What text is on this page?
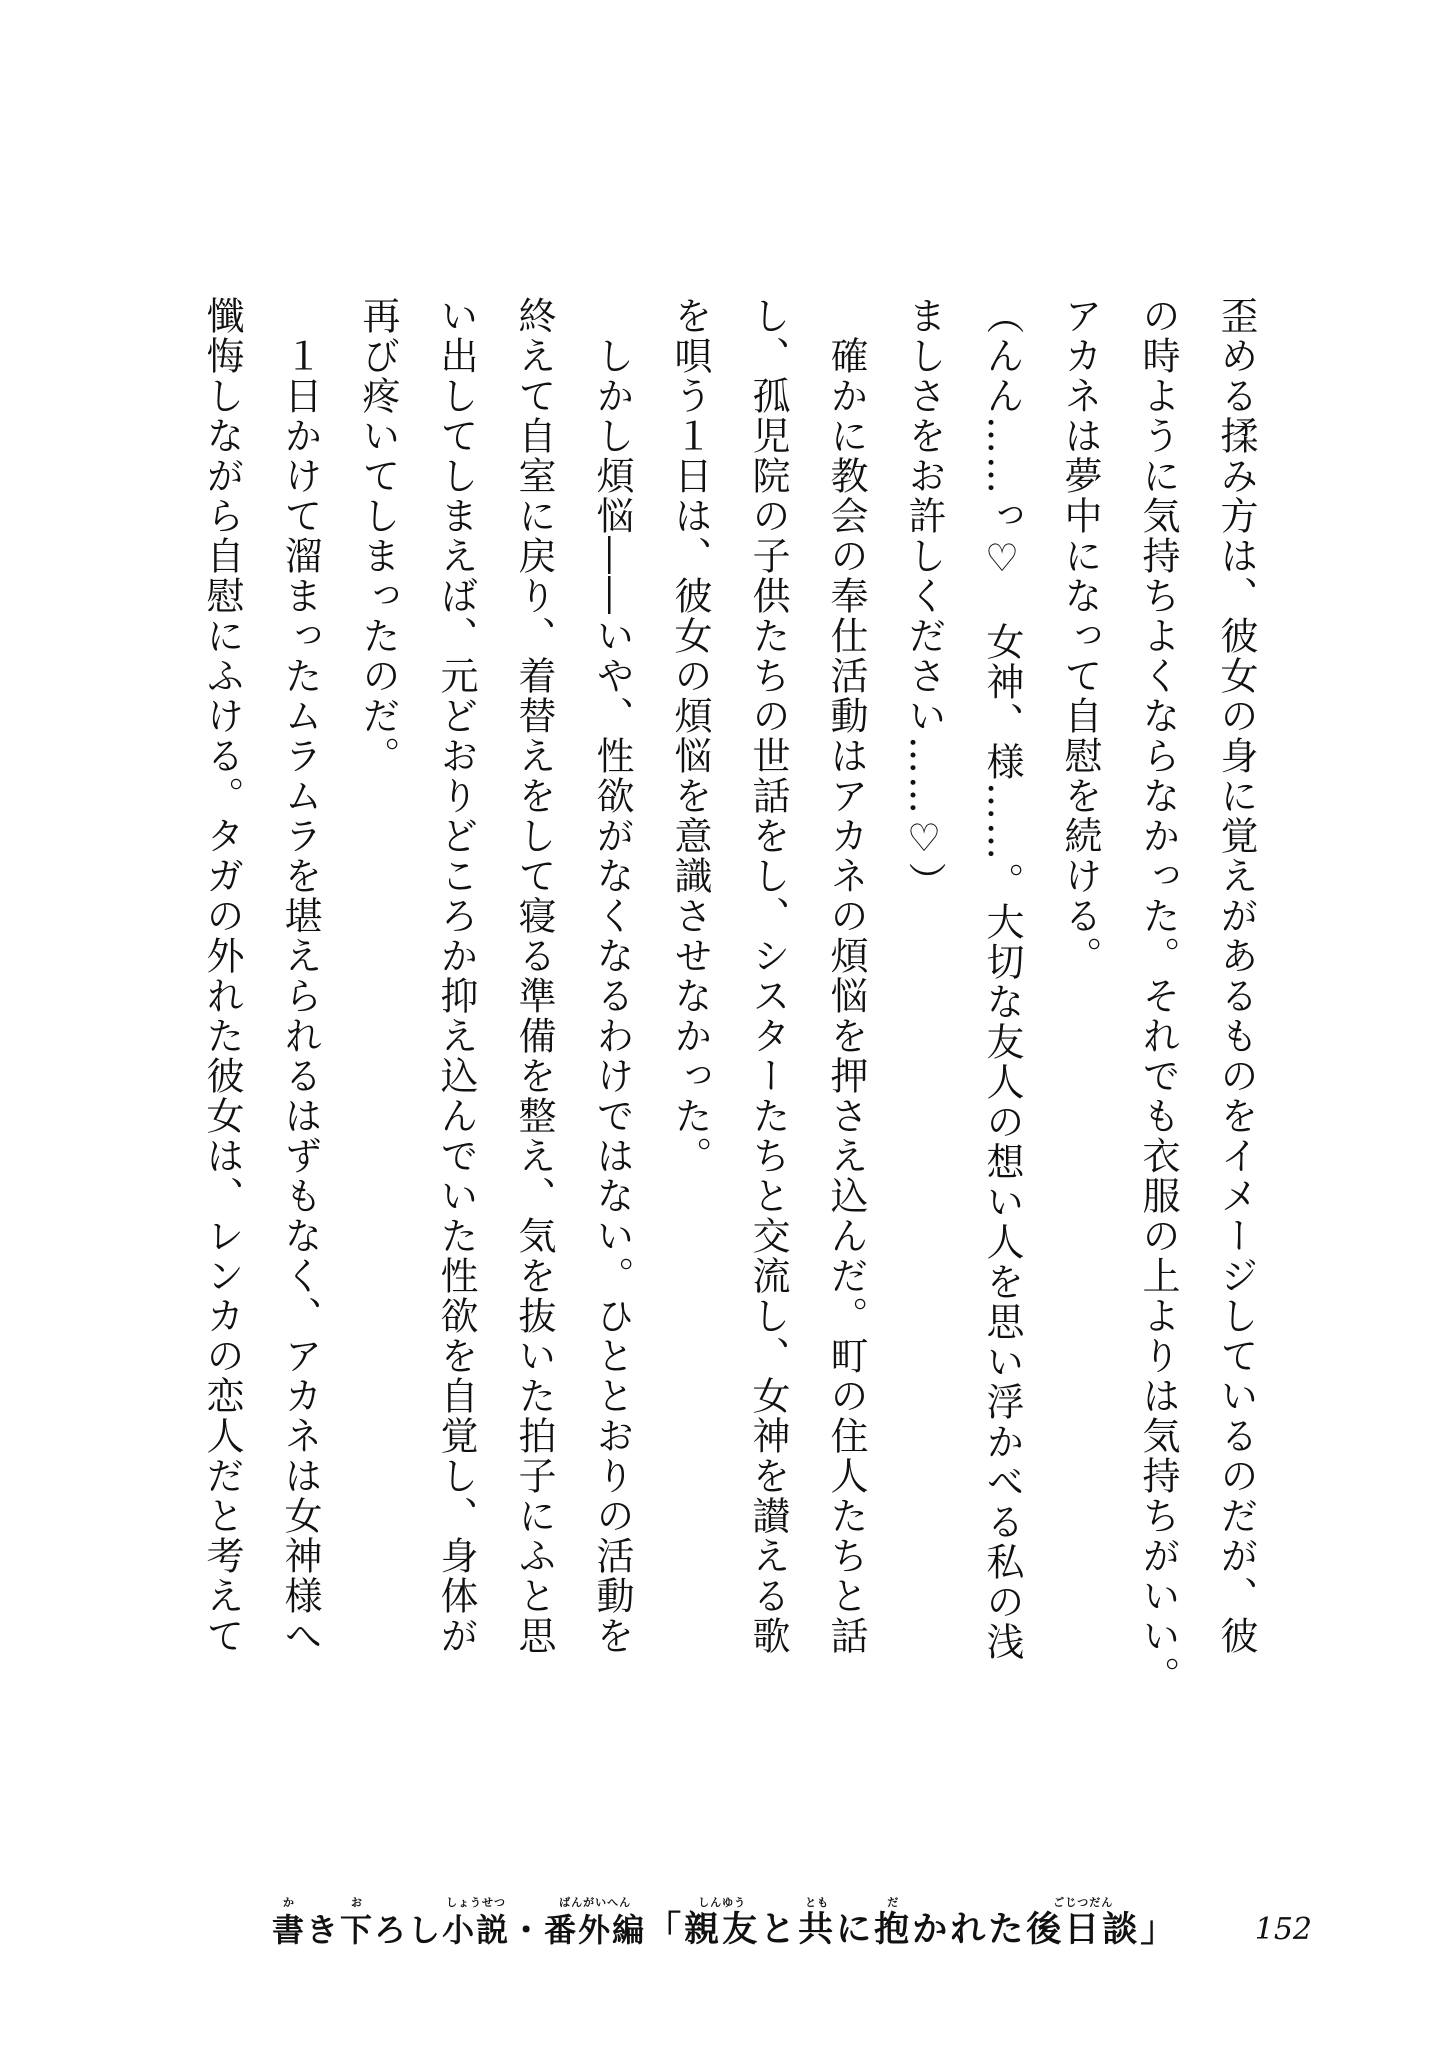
歪める揉み方は、彼女の身に覚えがあるものをイメージしているのだが、彼
の時ように気持ちよくならなかった。それでも衣服の上よりは気持ちがいい。
アカネは夢中になって自慰を続ける。
（んん……っ♡　女神、様……。大切な友人の想い人を思い浮かべる私の浅
ましさをお許しください……♡）
　確かに教会の奉仕活動はアカネの煩悩を押さえ込んだ。町の住人たちと話
し、孤児院の子供たちの世話をし、シスターたちと交流し、女神を讃える歌
を唄う１日は、彼女の煩悩を意識させなかった。
　しかし煩悩――いや、性欲がなくなるわけではない。ひととおりの活動を
終えて自室に戻り、着替えをして寝る準備を整え、気を抜いた拍子にふと思
い出してしまえば、元どおりどころか抑え込んでいた性欲を自覚し、身体が
再び疼いてしまったのだ。
　１日かけて溜まったムラムラを堪えられるはずもなく、アカネは女神様へ
懺悔しながら自慰にふける。タガの外れた彼女は、レンカの恋人だと考えて
か
書 き
お
下 ろし
しょうせつ
小説 ・
ばんがいへん
番外編 「
しんゆう
親友 と
とも
共 に
だ
抱 かれた
ごじつだん
後日談 」	152
